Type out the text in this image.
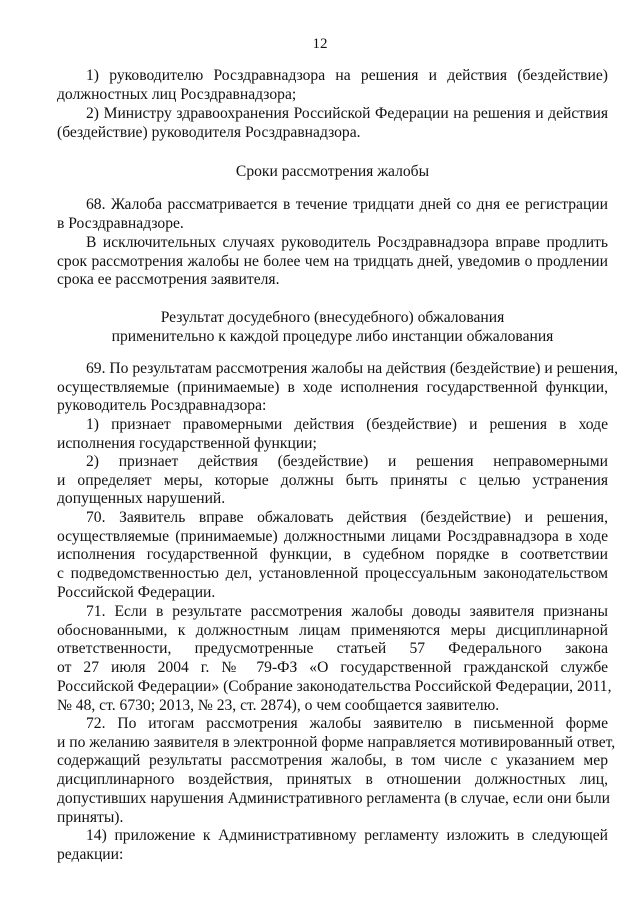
12
1) руководителю Росздравнадзора на решения и действия (бездействие)
должностных лиц Росздравнадзора;
2) Министру здравоохранения Российской Федерации на решения и действия
(бездействие) руководителя Росздравнадзора.
Сроки рассмотрения жалобы
68. Жалоба рассматривается в течение тридцати дней со дня ее регистрации
в Росздравнадзоре.
В исключительных случаях руководитель Росздравнадзора вправе продлить
срок рассмотрения жалобы не более чем на тридцать дней, уведомив о продлении
срока ее рассмотрения заявителя.
Результат досудебного (внесудебного) обжалования
применительно к каждой процедуре либо инстанции обжалования
69. По результатам рассмотрения жалобы на действия (бездействие) и решения,
осуществляемые (принимаемые) в ходе исполнения государственной функции,
руководитель Росздравнадзора:
1) признает правомерными действия (бездействие) и решения в ходе
исполнения государственной функции;
2) признает действия (бездействие) и решения неправомерными
и определяет меры, которые должны быть приняты с целью устранения
допущенных нарушений.
70. Заявитель вправе обжаловать действия (бездействие) и решения,
осуществляемые (принимаемые) должностными лицами Росздравнадзора в ходе
исполнения государственной функции, в судебном порядке в соответствии
с подведомственностью дел, установленной процессуальным законодательством
Российской Федерации.
71. Если в результате рассмотрения жалобы доводы заявителя признаны
обоснованными, к должностным лицам применяются меры дисциплинарной
ответственности, предусмотренные статьей 57 Федерального закона
от 27 июля 2004 г. № 79-ФЗ «О государственной гражданской службе
Российской Федерации» (Собрание законодательства Российской Федерации, 2011,
№ 48, ст. 6730; 2013, № 23, ст. 2874), о чем сообщается заявителю.
72. По итогам рассмотрения жалобы заявителю в письменной форме
и по желанию заявителя в электронной форме направляется мотивированный ответ,
содержащий результаты рассмотрения жалобы, в том числе с указанием мер
дисциплинарного воздействия, принятых в отношении должностных лиц,
допустивших нарушения Административного регламента (в случае, если они были
приняты).
14) приложение к Административному регламенту изложить в следующей
редакции:
